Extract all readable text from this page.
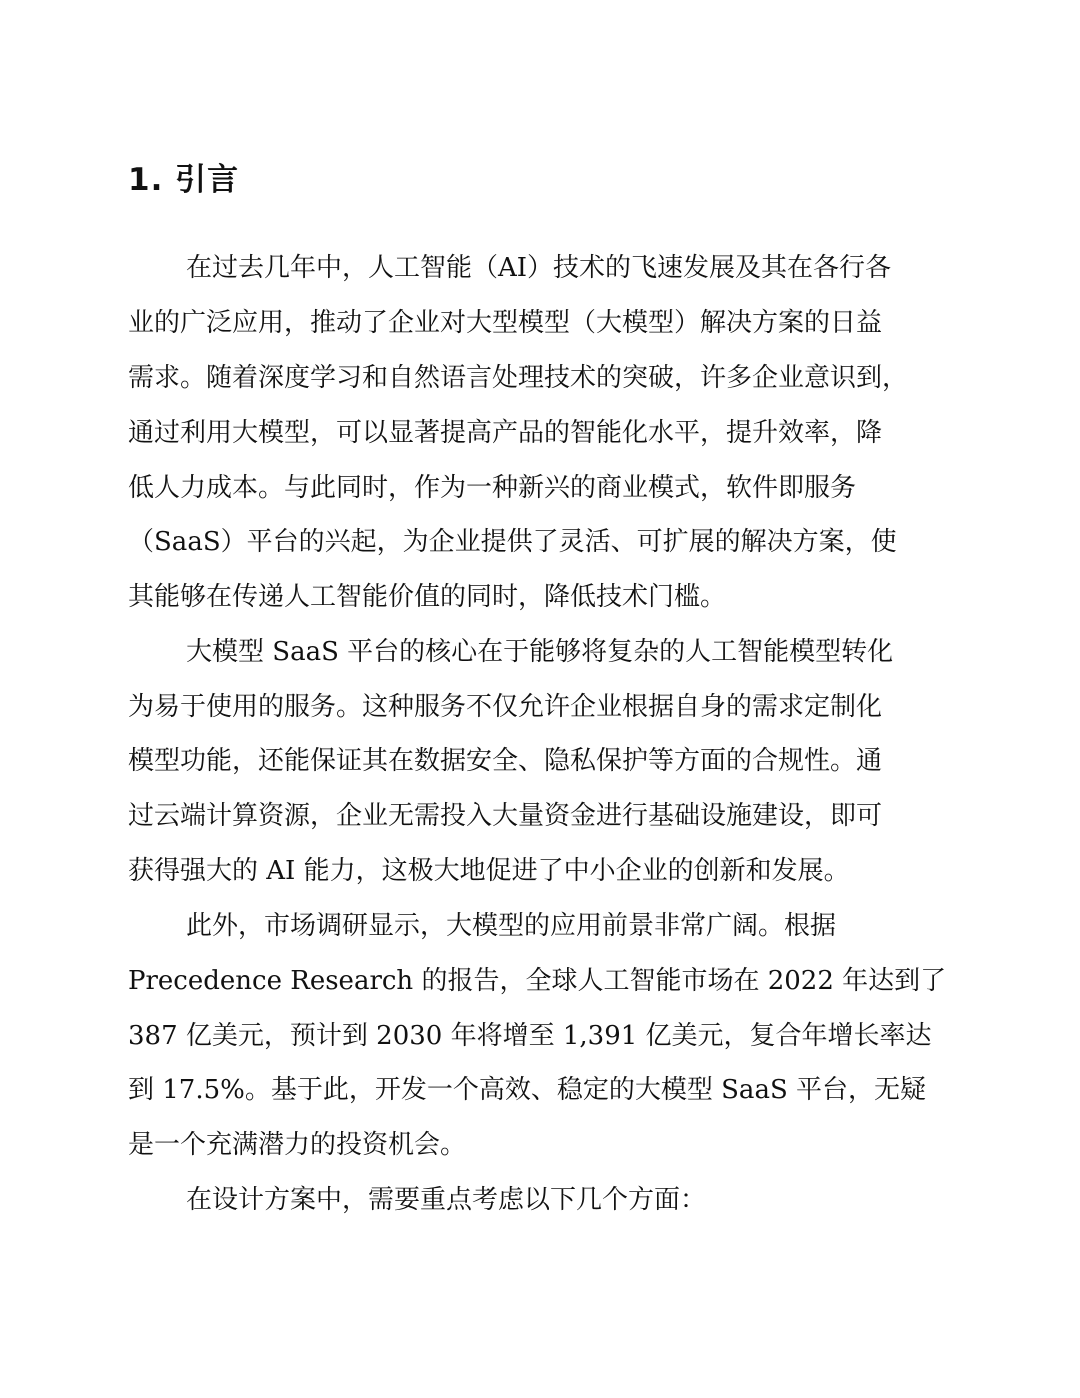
1. 引言

在过去几年中，人工智能（AI）技术的飞速发展及其在各行各

业的广泛应用，推动了企业对大型模型（大模型）解决方案的日益

需求。随着深度学习和自然语言处理技术的突破，许多企业意识到，

通过利用大模型，可以显著提高产品的智能化水平，提升效率，降

低人力成本。与此同时，作为一种新兴的商业模式，软件即服务

（SaaS）平台的兴起，为企业提供了灵活、可扩展的解决方案，使

其能够在传递人工智能价值的同时，降低技术门槛。

大模型 SaaS 平台的核心在于能够将复杂的人工智能模型转化

为易于使用的服务。这种服务不仅允许企业根据自身的需求定制化

模型功能，还能保证其在数据安全、隐私保护等方面的合规性。通

过云端计算资源，企业无需投入大量资金进行基础设施建设，即可

获得强大的 AI 能力，这极大地促进了中小企业的创新和发展。

此外，市场调研显示，大模型的应用前景非常广阔。根据

Precedence Research 的报告，全球人工智能市场在 2022 年达到了

387 亿美元，预计到 2030 年将增至 1,391 亿美元，复合年增长率达

到 17.5%。基于此，开发一个高效、稳定的大模型 SaaS 平台，无疑

是一个充满潜力的投资机会。

在设计方案中，需要重点考虑以下几个方面：
